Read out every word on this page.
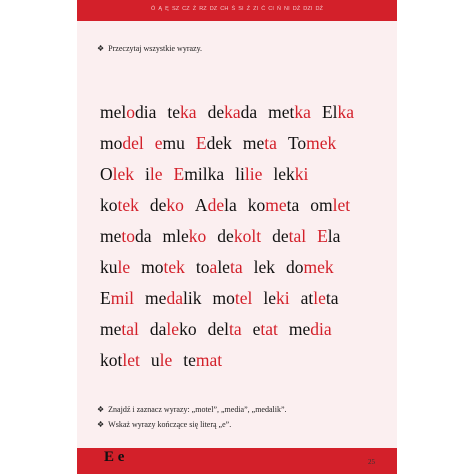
Ó Ą Ę SZ CZ Ż RZ DZ CH Ś SI Ź ZI Ć CI Ń NI DŻ DZI DŹ
❖ Przeczytaj wszystkie wyrazy.
melodia teka dekada metka Elka
model emu Edek meta Tomek
Olek ile Emilka lilie lekki
kotek deko Adela kometa omlet
metoda mleko dekolt detal Ela
kule motek toaleta lek domek
Emil medalik motel leki atleta
metal daleko delta etat media
kotlet ule temat
❖ Znajdź i zaznacz wyrazy: „motel”, „media”, „medalik”.
❖ Wskaż wyrazy kończące się literą „e”.
E e	25
